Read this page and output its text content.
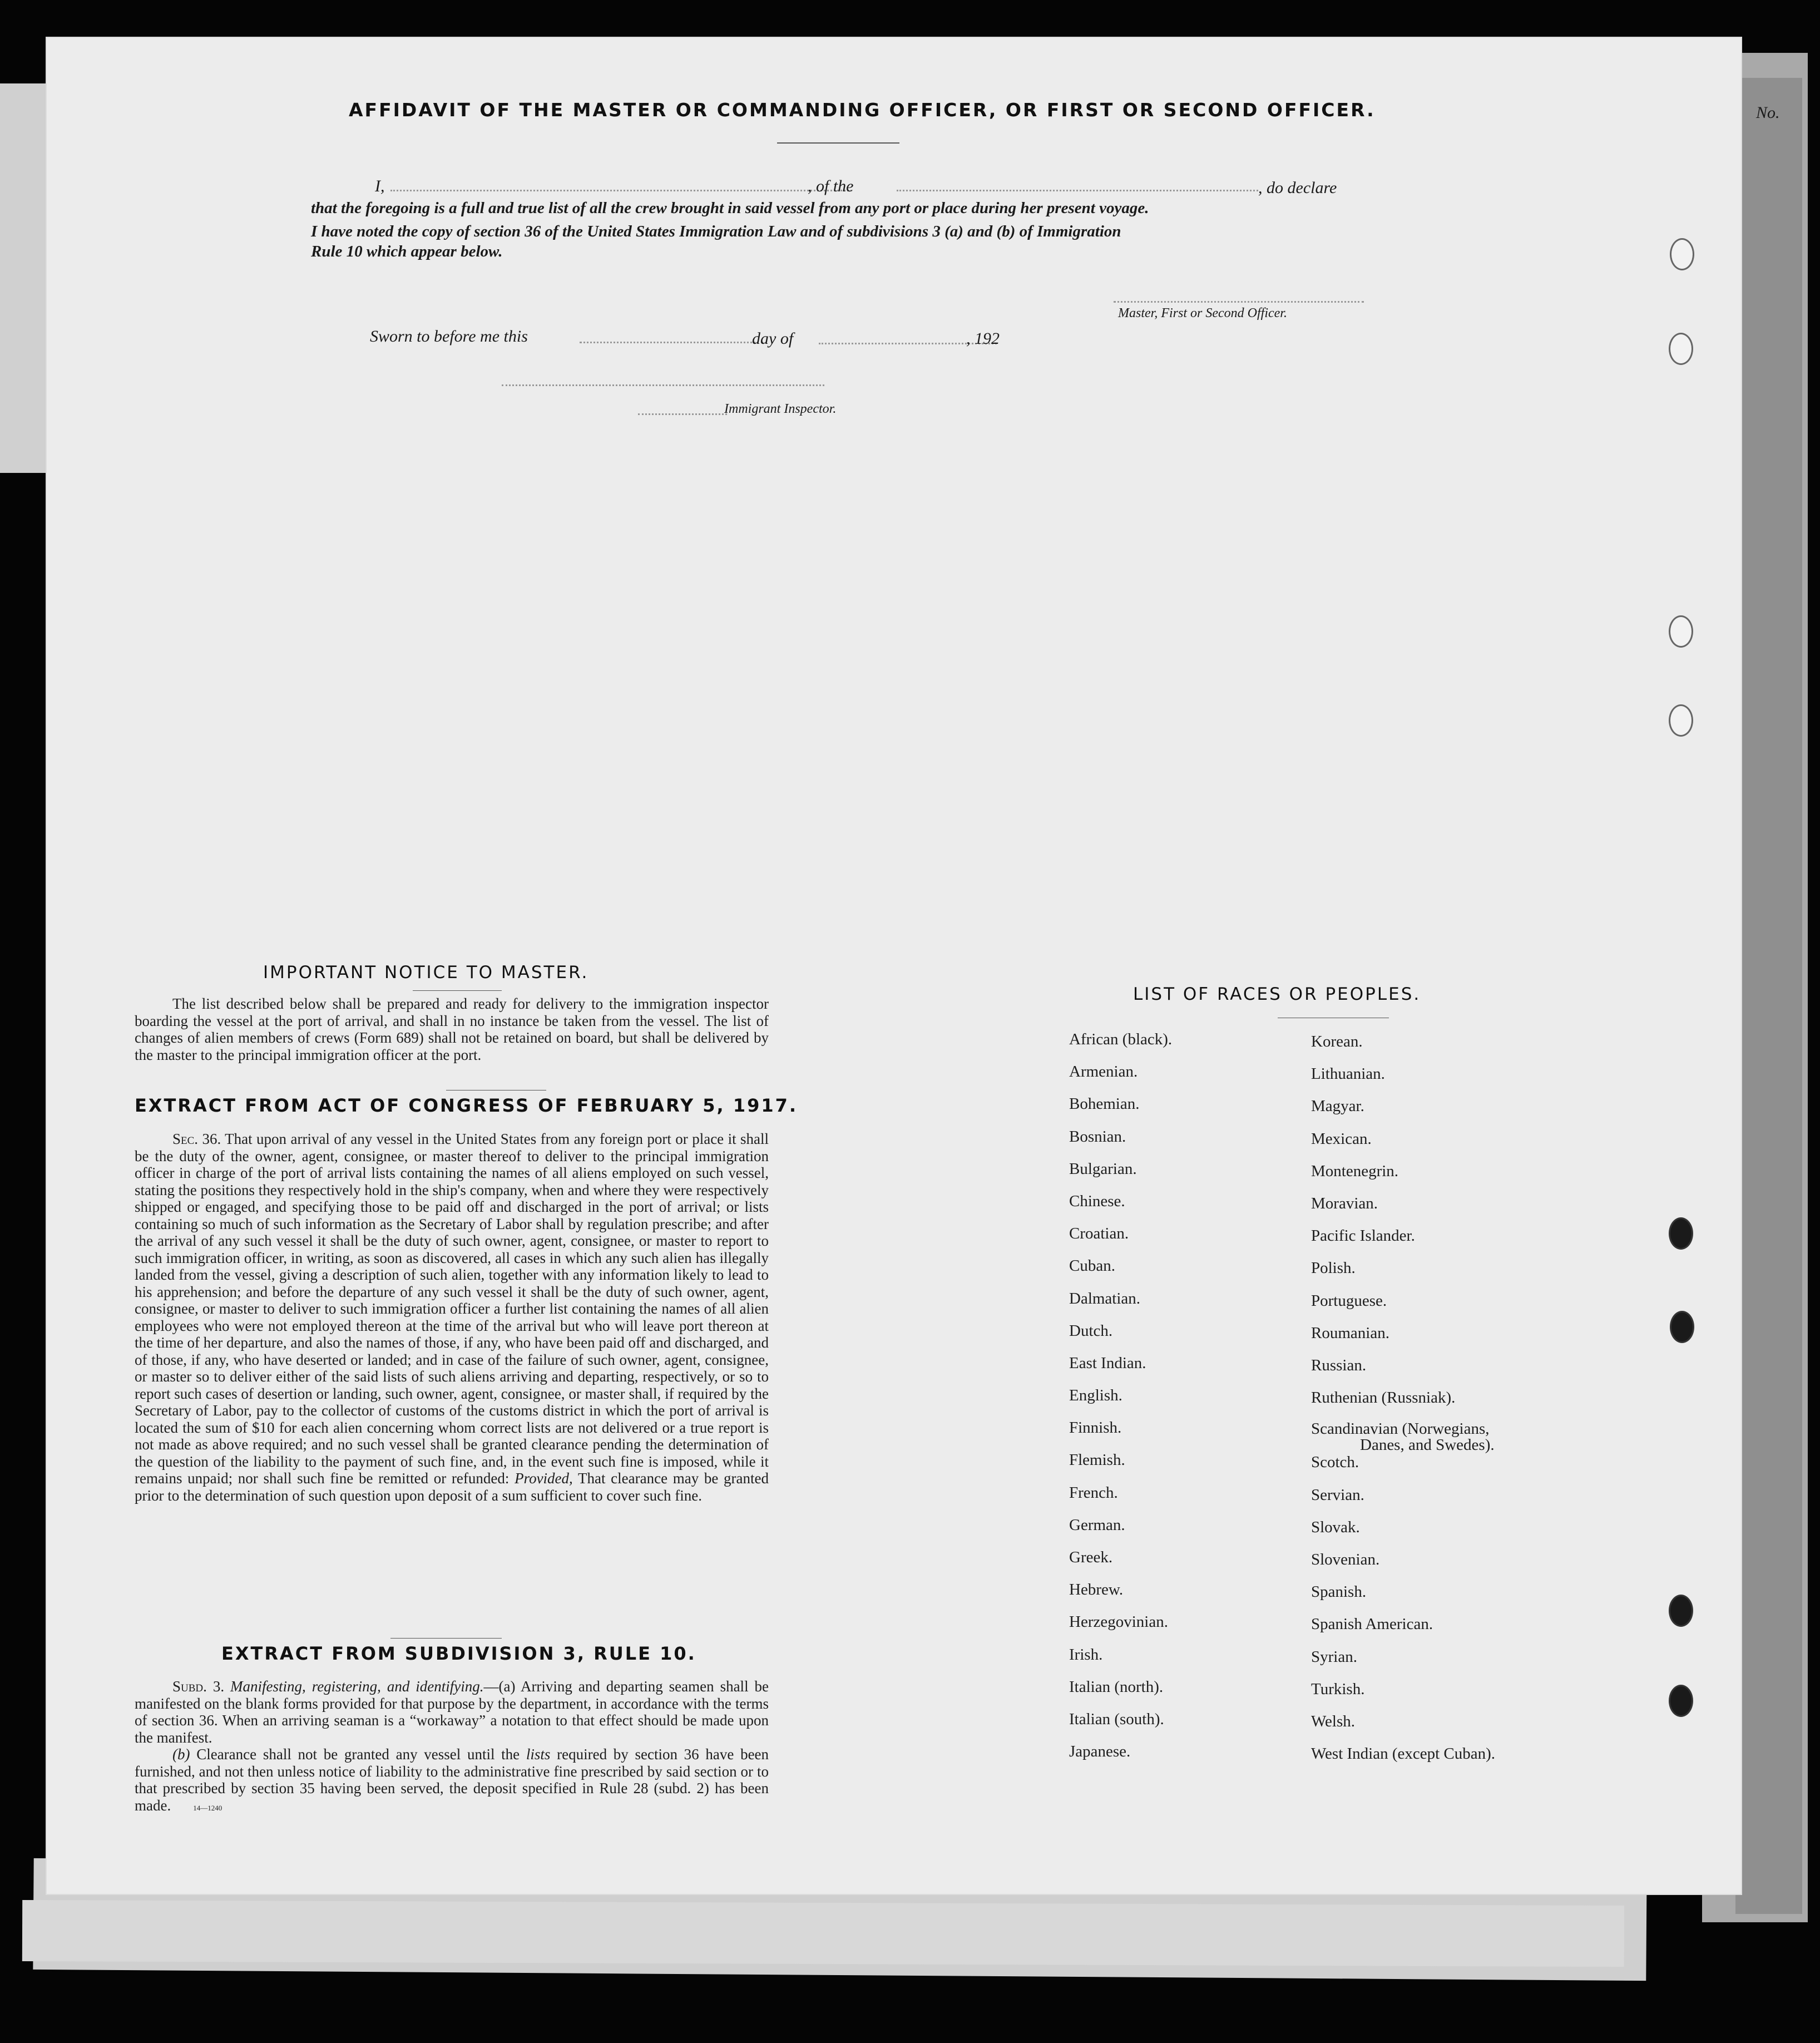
AFFIDAVIT OF THE MASTER OR COMMANDING OFFICER, OR FIRST OR SECOND OFFICER.	No.
I,	, of the	, do declare
that the foregoing is a full and true list of all the crew brought in said vessel from any port or place during her present voyage.
I have noted the copy of section 36 of the United States Immigration Law and of subdivisions 3 (a) and (b) of Immigration
Rule 10 which appear below.
Master, First or Second Officer.
Sworn to before me this	day of	, 192
Immigrant Inspector.
IMPORTANT NOTICE TO MASTER.

The list described below shall be prepared and ready for delivery to the immigration inspector boarding the vessel at the port of arrival, and shall in no instance be taken from the vessel. The list of changes of alien members of crews (Form 689) shall not be retained on board, but shall be delivered by the master to the principal immigration officer at the port.

EXTRACT FROM ACT OF CONGRESS OF FEBRUARY 5, 1917.

Sec. 36. That upon arrival of any vessel in the United States from any foreign port or place it shall be the duty of the owner, agent, consignee, or master thereof to deliver to the principal immigration officer in charge of the port of arrival lists containing the names of all aliens employed on such vessel, stating the positions they respectively hold in the ship's company, when and where they were respectively shipped or engaged, and specifying those to be paid off and discharged in the port of arrival; or lists containing so much of such information as the Secretary of Labor shall by regulation prescribe; and after the arrival of any such vessel it shall be the duty of such owner, agent, consignee, or master to report to such immigration officer, in writing, as soon as discovered, all cases in which any such alien has illegally landed from the vessel, giving a description of such alien, together with any information likely to lead to his apprehension; and before the departure of any such vessel it shall be the duty of such owner, agent, consignee, or master to deliver to such immigration officer a further list containing the names of all alien employees who were not employed thereon at the time of the arrival but who will leave port thereon at the time of her departure, and also the names of those, if any, who have been paid off and discharged, and of those, if any, who have deserted or landed; and in case of the failure of such owner, agent, consignee, or master so to deliver either of the said lists of such aliens arriving and departing, respectively, or so to report such cases of desertion or landing, such owner, agent, consignee, or master shall, if required by the Secretary of Labor, pay to the collector of customs of the customs district in which the port of arrival is located the sum of $10 for each alien concerning whom correct lists are not delivered or a true report is not made as above required; and no such vessel shall be granted clearance pending the determination of the question of the liability to the payment of such fine, and, in the event such fine is imposed, while it remains unpaid; nor shall such fine be remitted or refunded: Provided, That clearance may be granted prior to the determination of such question upon deposit of a sum sufficient to cover such fine.

EXTRACT FROM SUBDIVISION 3, RULE 10.

Subd. 3. Manifesting, registering, and identifying.—(a) Arriving and departing seamen shall be manifested on the blank forms provided for that purpose by the department, in accordance with the terms of section 36. When an arriving seaman is a “workaway” a notation to that effect should be made upon the manifest.

(b) Clearance shall not be granted any vessel until the lists required by section 36 have been furnished, and not then unless notice of liability to the administrative fine prescribed by said section or to that prescribed by section 35 having been served, the deposit specified in Rule 28 (subd. 2) has been made.	14—1240

LIST OF RACES OR PEOPLES.
African (black).
Armenian.
Bohemian.
Bosnian.
Bulgarian.
Chinese.
Croatian.
Cuban.
Dalmatian.
Dutch.
East Indian.
English.
Finnish.
Flemish.
French.
German.
Greek.
Hebrew.
Herzegovinian.
Irish.
Italian (north).
Italian (south).
Japanese.
Korean.
Lithuanian.
Magyar.
Mexican.
Montenegrin.
Moravian.
Pacific Islander.
Polish.
Portuguese.
Roumanian.
Russian.
Ruthenian (Russniak).
Scandinavian (Norwegians,
Danes, and Swedes).
Scotch.
Servian.
Slovak.
Slovenian.
Spanish.
Spanish American.
Syrian.
Turkish.
Welsh.
West Indian (except Cuban).
